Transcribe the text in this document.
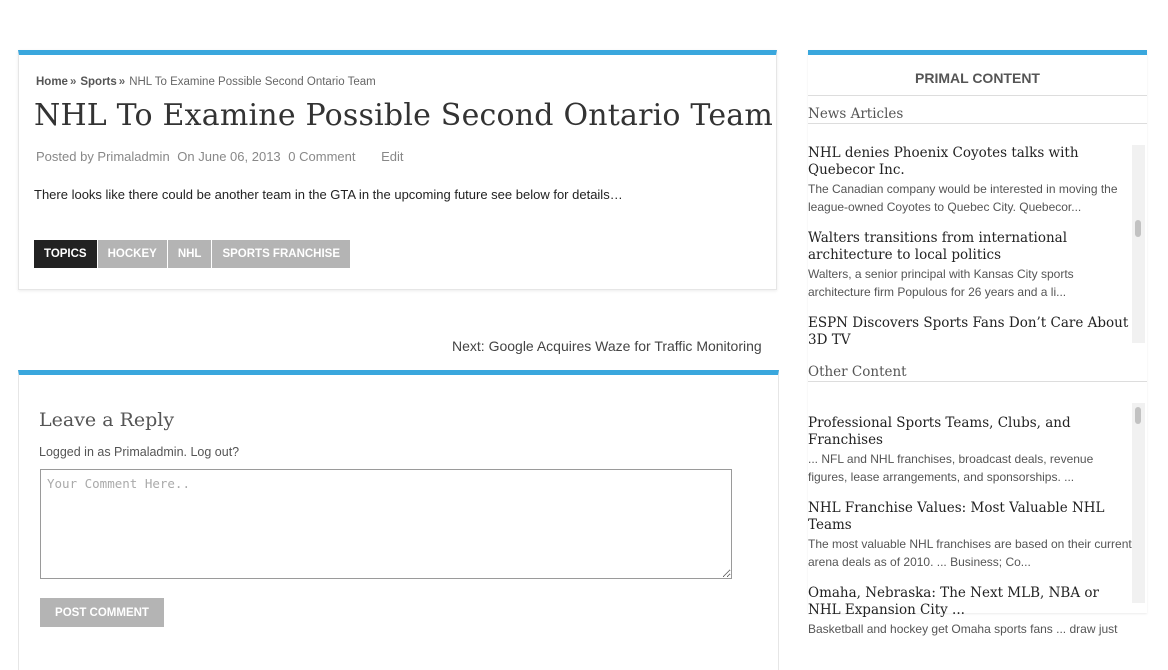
Home » Sports » NHL To Examine Possible Second Ontario Team
NHL To Examine Possible Second Ontario Team
Posted by Primaladmin On June 06, 2013 0 Comment Edit
There looks like there could be another team in the GTA in the upcoming future see below for details…
TOPICS	HOCKEY	NHL	SPORTS FRANCHISE
Next: Google Acquires Waze for Traffic Monitoring
Leave a Reply
Logged in as Primaladmin. Log out?
Your Comment Here..
POST COMMENT
PRIMAL CONTENT
News Articles
NHL denies Phoenix Coyotes talks with Quebecor Inc.
The Canadian company would be interested in moving the league-owned Coyotes to Quebec City. Quebecor...
Walters transitions from international architecture to local politics
Walters, a senior principal with Kansas City sports architecture firm Populous for 26 years and a li...
ESPN Discovers Sports Fans Don’t Care About 3D TV
Other Content
Professional Sports Teams, Clubs, and Franchises
... NFL and NHL franchises, broadcast deals, revenue figures, lease arrangements, and sponsorships. ...
NHL Franchise Values: Most Valuable NHL Teams
The most valuable NHL franchises are based on their current arena deals as of 2010. ... Business; Co...
Omaha, Nebraska: The Next MLB, NBA or NHL Expansion City ...
Basketball and hockey get Omaha sports fans ... draw just
